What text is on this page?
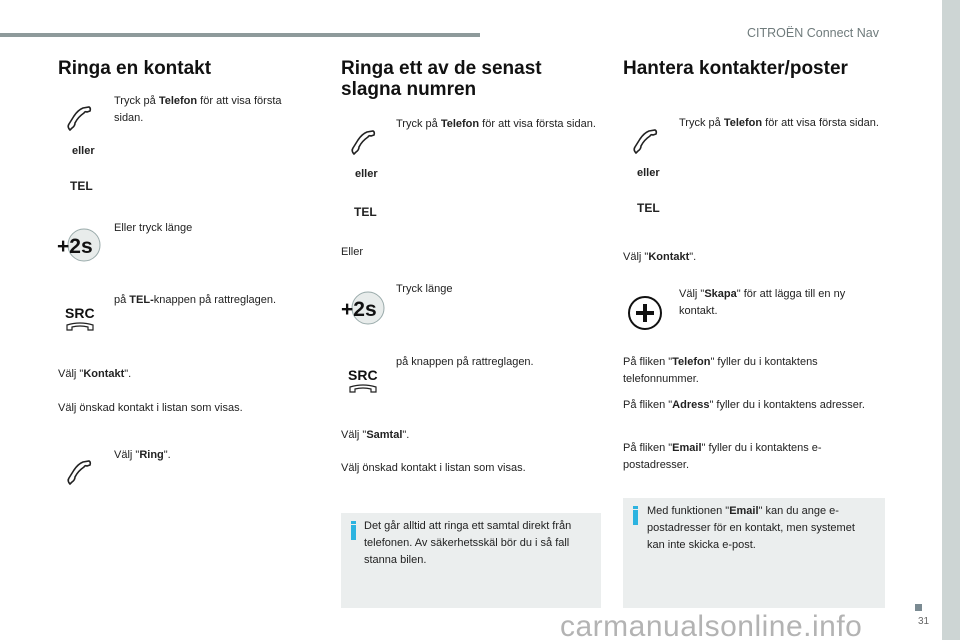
CITROËN Connect Nav
31
carmanualsonline.info
Ringa en kontakt
Tryck på Telefon för att visa första sidan.
eller
TEL
+2s
Eller tryck länge
SRC
på TEL-knappen på rattreglagen.
Välj "Kontakt".
Välj önskad kontakt i listan som visas.
Välj "Ring".
Ringa ett av de senast slagna numren
Tryck på Telefon för att visa första sidan.
eller
TEL
Eller
+2s
Tryck länge
SRC
på knappen på rattreglagen.
Välj "Samtal".
Välj önskad kontakt i listan som visas.
Det går alltid att ringa ett samtal direkt från telefonen. Av säkerhetsskäl bör du i så fall stanna bilen.
Hantera kontakter/poster
Tryck på Telefon för att visa första sidan.
eller
TEL
Välj "Kontakt".
Välj "Skapa" för att lägga till en ny kontakt.
På fliken "Telefon" fyller du i kontaktens telefonnummer.
På fliken "Adress" fyller du i kontaktens adresser.
På fliken "Email" fyller du i kontaktens e-postadresser.
Med funktionen "Email" kan du ange e-postadresser för en kontakt, men systemet kan inte skicka e-post.
